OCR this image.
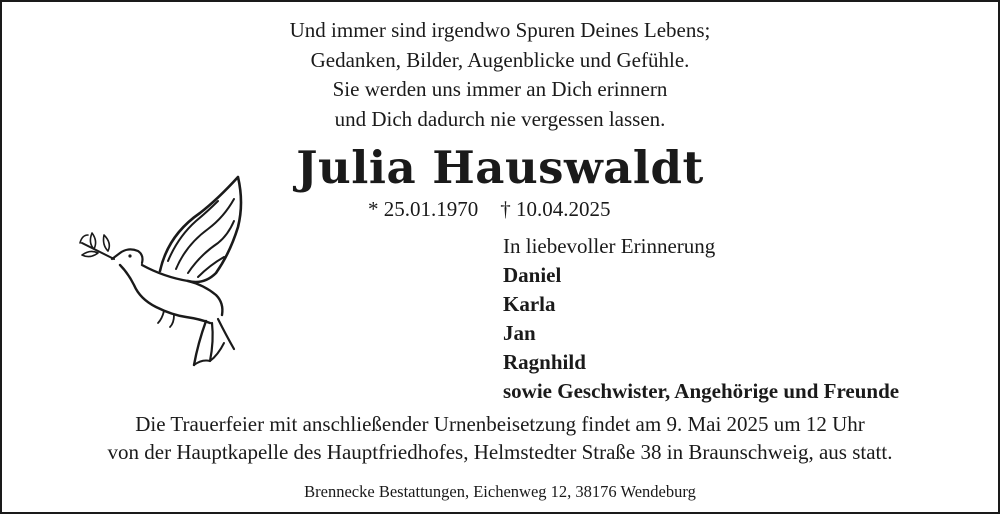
Und immer sind irgendwo Spuren Deines Lebens;
Gedanken, Bilder, Augenblicke und Gefühle.
Sie werden uns immer an Dich erinnern
und Dich dadurch nie vergessen lassen.
Julia Hauswaldt
* 25.01.1970 † 10.04.2025
In liebevoller Erinnerung
Daniel
Karla
Jan
Ragnhild
sowie Geschwister, Angehörige und Freunde
Die Trauerfeier mit anschließender Urnenbeisetzung findet am 9. Mai 2025 um 12 Uhr
von der Hauptkapelle des Hauptfriedhofes, Helmstedter Straße 38 in Braunschweig, aus statt.
Brennecke Bestattungen, Eichenweg 12, 38176 Wendeburg
